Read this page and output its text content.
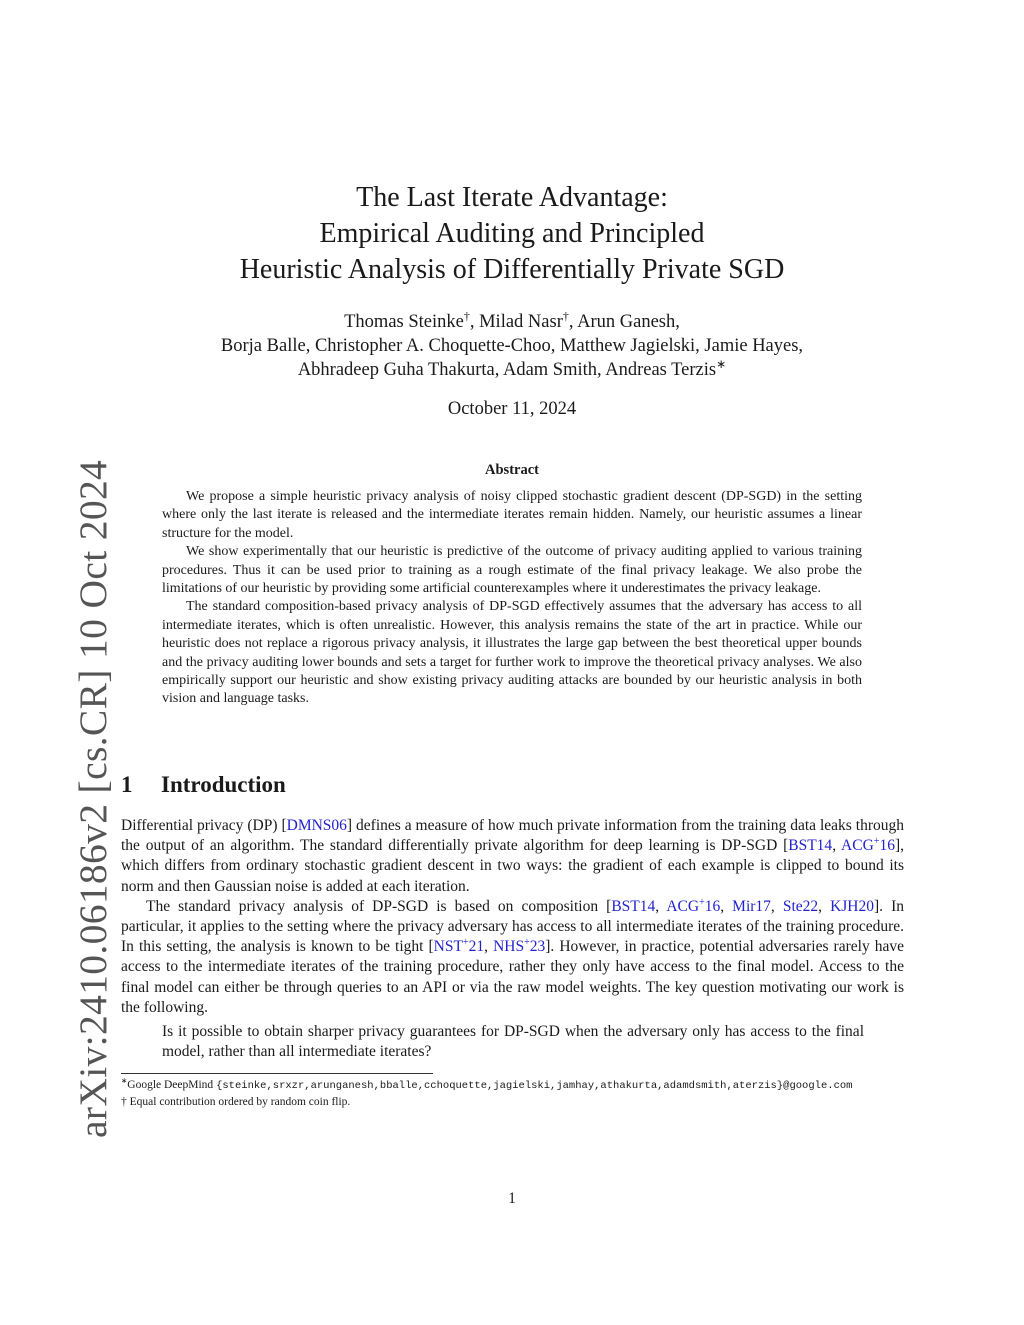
arXiv:2410.06186v2 [cs.CR] 10 Oct 2024
The Last Iterate Advantage:
Empirical Auditing and Principled
Heuristic Analysis of Differentially Private SGD
Thomas Steinke†, Milad Nasr†, Arun Ganesh,
Borja Balle, Christopher A. Choquette-Choo, Matthew Jagielski, Jamie Hayes,
Abhradeep Guha Thakurta, Adam Smith, Andreas Terzis∗
October 11, 2024
Abstract

We propose a simple heuristic privacy analysis of noisy clipped stochastic gradient descent (DP-SGD) in the setting where only the last iterate is released and the intermediate iterates remain hidden. Namely, our heuristic assumes a linear structure for the model.

We show experimentally that our heuristic is predictive of the outcome of privacy auditing applied to various training procedures. Thus it can be used prior to training as a rough estimate of the final privacy leakage. We also probe the limitations of our heuristic by providing some artificial counterexamples where it underestimates the privacy leakage.

The standard composition-based privacy analysis of DP-SGD effectively assumes that the adversary has access to all intermediate iterates, which is often unrealistic. However, this analysis remains the state of the art in practice. While our heuristic does not replace a rigorous privacy analysis, it illustrates the large gap between the best theoretical upper bounds and the privacy auditing lower bounds and sets a target for further work to improve the theoretical privacy analyses. We also empirically support our heuristic and show existing privacy auditing attacks are bounded by our heuristic analysis in both vision and language tasks.

1 Introduction

Differential privacy (DP) [DMNS06] defines a measure of how much private information from the training data leaks through the output of an algorithm. The standard differentially private algorithm for deep learning is DP-SGD [BST14, ACG+16], which differs from ordinary stochastic gradient descent in two ways: the gradient of each example is clipped to bound its norm and then Gaussian noise is added at each iteration.

The standard privacy analysis of DP-SGD is based on composition [BST14, ACG+16, Mir17, Ste22, KJH20]. In particular, it applies to the setting where the privacy adversary has access to all intermediate iterates of the training procedure. In this setting, the analysis is known to be tight [NST+21, NHS+23]. However, in practice, potential adversaries rarely have access to the intermediate iterates of the training procedure, rather they only have access to the final model. Access to the final model can either be through queries to an API or via the raw model weights. The key question motivating our work is the following.

Is it possible to obtain sharper privacy guarantees for DP-SGD when the adversary only has access to the final model, rather than all intermediate iterates?

∗Google DeepMind {steinke,srxzr,arunganesh,bballe,cchoquette,jagielski,jamhay,athakurta,adamdsmith,aterzis}@google.com
† Equal contribution ordered by random coin flip.
1
